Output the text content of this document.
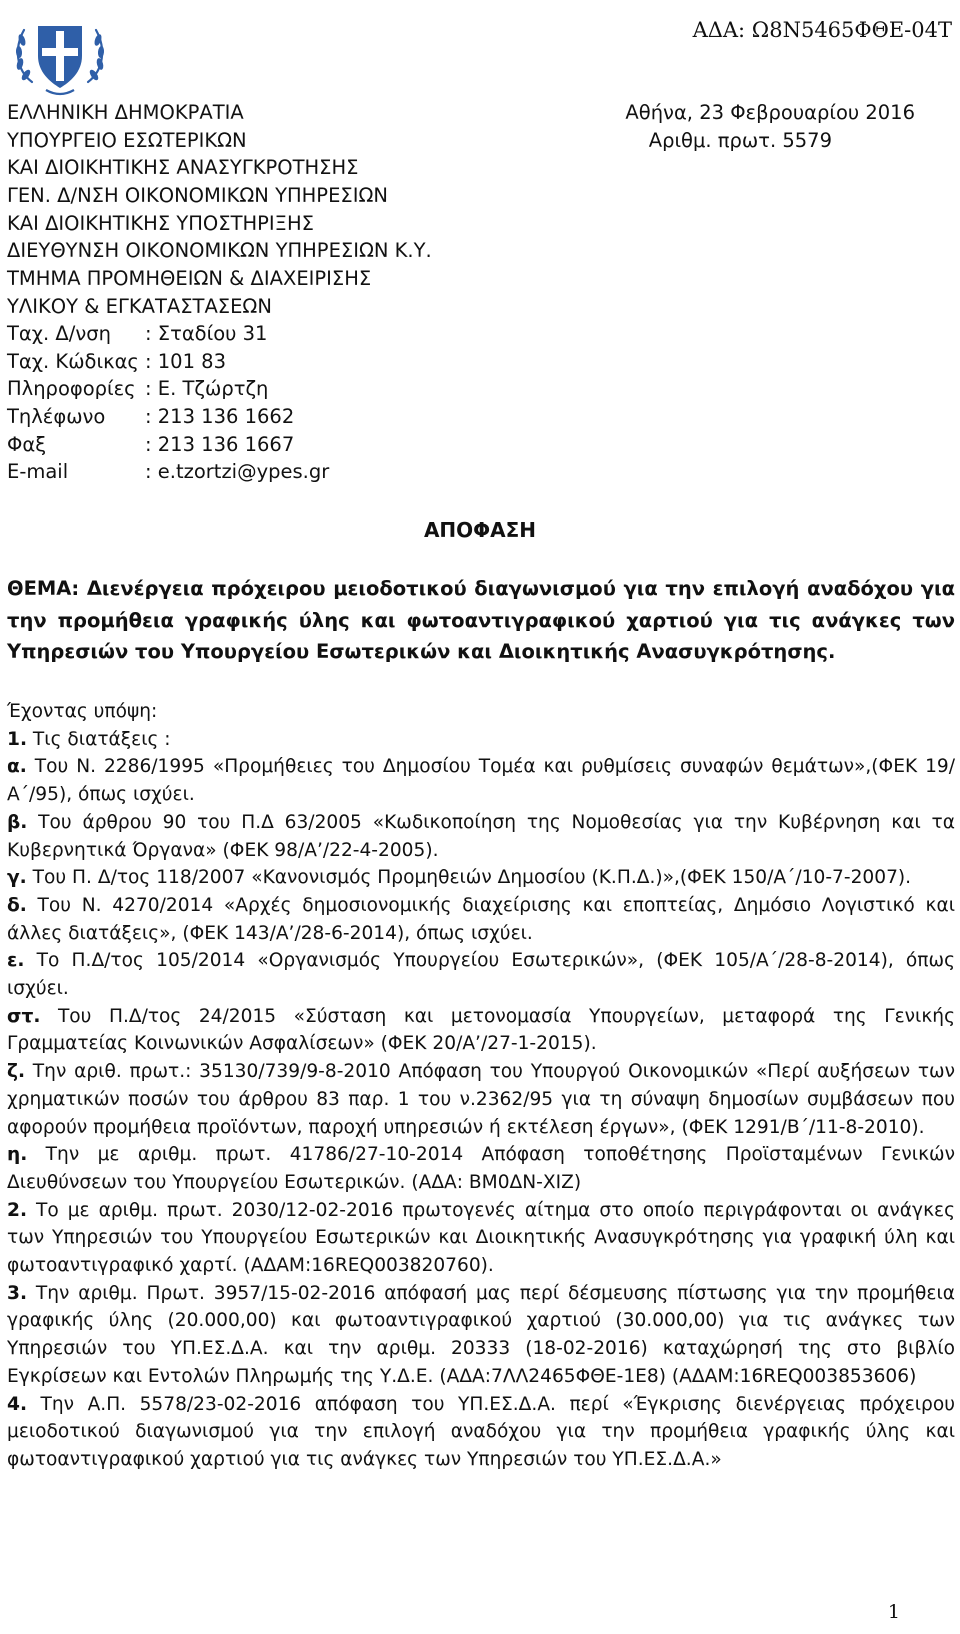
ΑΔΑ: Ω8Ν5465ΦΘΕ-04Τ
ΕΛΛΗΝΙΚΗ ΔΗΜΟΚΡΑΤΙΑ
ΥΠΟΥΡΓΕΙΟ ΕΣΩΤΕΡΙΚΩΝ
ΚΑΙ ΔΙΟΙΚΗΤΙΚΗΣ ΑΝΑΣΥΓΚΡΟΤΗΣΗΣ
ΓΕΝ. Δ/ΝΣΗ ΟΙΚΟΝΟΜΙΚΩΝ ΥΠΗΡΕΣΙΩΝ
ΚΑΙ ΔΙΟΙΚΗΤΙΚΗΣ ΥΠΟΣΤΗΡΙΞΗΣ
ΔΙΕΥΘΥΝΣΗ ΟΙΚΟΝΟΜΙΚΩΝ ΥΠΗΡΕΣΙΩΝ Κ.Υ.
ΤΜΗΜΑ ΠΡΟΜΗΘΕΙΩΝ & ΔΙΑΧΕΙΡΙΣΗΣ
ΥΛΙΚΟΥ & ΕΓΚΑΤΑΣΤΑΣΕΩΝ
Αθήνα, 23 Φεβρουαρίου 2016
Αριθμ. πρωτ. 5579
Ταχ. Δ/νση	: Σταδίου 31
Ταχ. Κώδικας : 101 83
Πληροφορίες : Ε. Τζώρτζη
Τηλέφωνο	: 213 136 1662
Φαξ	: 213 136 1667
E-mail	: e.tzortzi@ypes.gr
ΑΠΟΦΑΣΗ
ΘΕΜΑ: Διενέργεια πρόχειρου μειοδοτικού διαγωνισμού για την επιλογή αναδόχου για την προμήθεια γραφικής ύλης και φωτοαντιγραφικού χαρτιού για τις ανάγκες των Υπηρεσιών του Υπουργείου Εσωτερικών και Διοικητικής Ανασυγκρότησης.

Έχοντας υπόψη:

1. Τις διατάξεις :

α. Του Ν. 2286/1995 «Προμήθειες του Δημοσίου Τομέα και ρυθμίσεις συναφών θεμάτων»,(ΦΕΚ 19/Α΄/95), όπως ισχύει.

β. Του άρθρου 90 του Π.Δ 63/2005 «Κωδικοποίηση της Νομοθεσίας για την Κυβέρνηση και τα Κυβερνητικά Όργανα» (ΦΕΚ 98/Α’/22-4-2005).

γ. Του Π. Δ/τος 118/2007 «Κανονισμός Προμηθειών Δημοσίου (Κ.Π.Δ.)»,(ΦΕΚ 150/Α΄/10-7-2007).

δ. Του Ν. 4270/2014 «Αρχές δημοσιονομικής διαχείρισης και εποπτείας, Δημόσιο Λογιστικό και άλλες διατάξεις», (ΦΕΚ 143/Α’/28-6-2014), όπως ισχύει.

ε. Το Π.Δ/τος 105/2014 «Οργανισμός Υπουργείου Εσωτερικών», (ΦΕΚ 105/Α΄/28-8-2014), όπως ισχύει.

στ. Του Π.Δ/τος 24/2015 «Σύσταση και μετονομασία Υπουργείων, μεταφορά της Γενικής Γραμματείας Κοινωνικών Ασφαλίσεων» (ΦΕΚ 20/Α’/27-1-2015).

ζ. Την αριθ. πρωτ.: 35130/739/9-8-2010 Απόφαση του Υπουργού Οικονομικών «Περί αυξήσεων των χρηματικών ποσών του άρθρου 83 παρ. 1 του ν.2362/95 για τη σύναψη δημοσίων συμβάσεων που αφορούν προμήθεια προϊόντων, παροχή υπηρεσιών ή εκτέλεση έργων», (ΦΕΚ 1291/Β΄/11-8-2010).

η. Την με αριθμ. πρωτ. 41786/27-10-2014 Απόφαση τοποθέτησης Προϊσταμένων Γενικών Διευθύνσεων του Υπουργείου Εσωτερικών. (ΑΔΑ: ΒΜ0ΔΝ-ΧΙΖ)

2. Το με αριθμ. πρωτ. 2030/12-02-2016 πρωτογενές αίτημα στο οποίο περιγράφονται οι ανάγκες των Υπηρεσιών του Υπουργείου Εσωτερικών και Διοικητικής Ανασυγκρότησης για γραφική ύλη και φωτοαντιγραφικό χαρτί. (ΑΔΑΜ:16REQ003820760).

3. Την αριθμ. Πρωτ. 3957/15-02-2016 απόφασή μας περί δέσμευσης πίστωσης για την προμήθεια γραφικής ύλης (20.000,00) και φωτοαντιγραφικού χαρτιού (30.000,00) για τις ανάγκες των Υπηρεσιών του ΥΠ.ΕΣ.Δ.Α. και την αριθμ. 20333 (18-02-2016) καταχώρησή της στο βιβλίο Εγκρίσεων και Εντολών Πληρωμής της Υ.Δ.Ε. (ΑΔΑ:7ΛΛ2465ΦΘΕ-1Ε8) (ΑΔΑΜ:16REQ003853606)

4. Την Α.Π. 5578/23-02-2016 απόφαση του ΥΠ.ΕΣ.Δ.Α. περί «Έγκρισης διενέργειας πρόχειρου μειοδοτικού διαγωνισμού για την επιλογή αναδόχου για την προμήθεια γραφικής ύλης και φωτοαντιγραφικού χαρτιού για τις ανάγκες των Υπηρεσιών του ΥΠ.ΕΣ.Δ.Α.»

1
